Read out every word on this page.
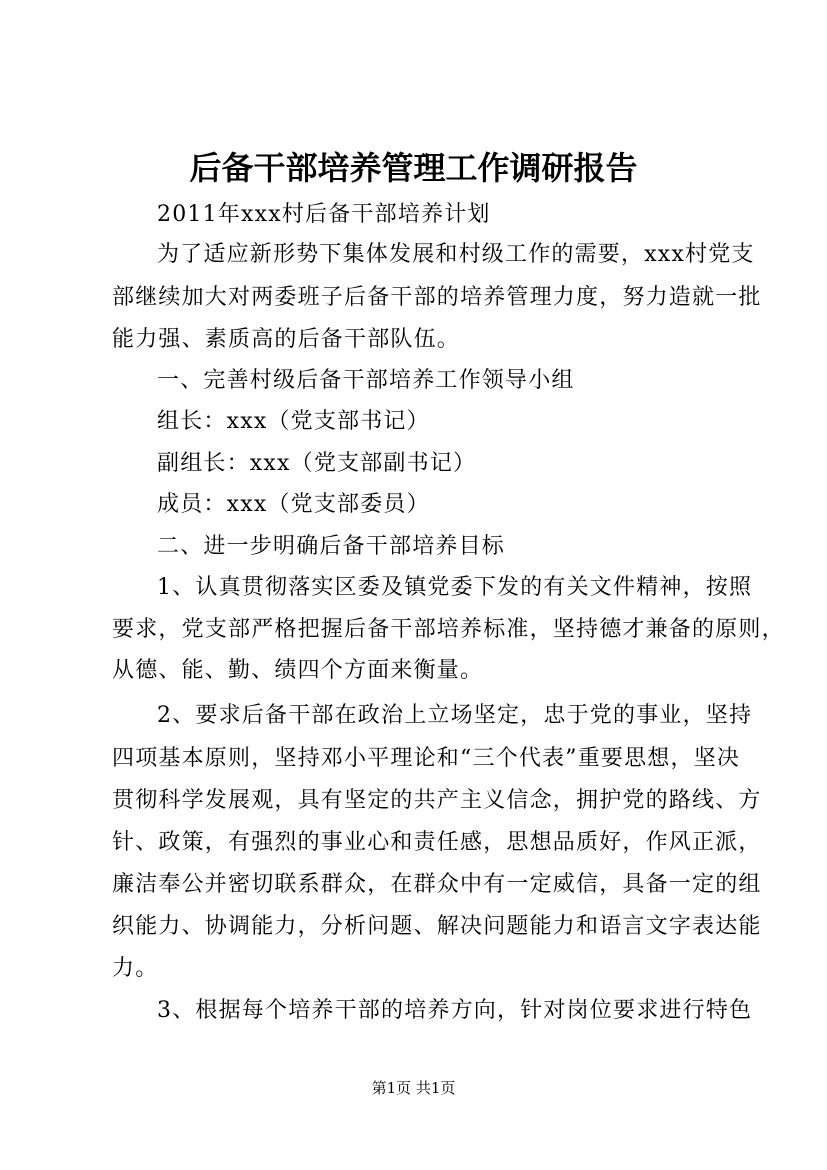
后备干部培养管理工作调研报告
2011年xxx村后备干部培养计划
为了适应新形势下集体发展和村级工作的需要，xxx村党支
部继续加大对两委班子后备干部的培养管理力度，努力造就一批
能力强、素质高的后备干部队伍。
一、完善村级后备干部培养工作领导小组
组长：xxx（党支部书记）
副组长：xxx（党支部副书记）
成员：xxx（党支部委员）
二、进一步明确后备干部培养目标
1、认真贯彻落实区委及镇党委下发的有关文件精神，按照
要求，党支部严格把握后备干部培养标准，坚持德才兼备的原则，
从德、能、勤、绩四个方面来衡量。
2、要求后备干部在政治上立场坚定，忠于党的事业，坚持
四项基本原则，坚持邓小平理论和“三个代表”重要思想，坚决
贯彻科学发展观，具有坚定的共产主义信念，拥护党的路线、方
针、政策，有强烈的事业心和责任感，思想品质好，作风正派，
廉洁奉公并密切联系群众，在群众中有一定威信，具备一定的组
织能力、协调能力，分析问题、解决问题能力和语言文字表达能
力。
3、根据每个培养干部的培养方向，针对岗位要求进行特色
第1页 共1页
